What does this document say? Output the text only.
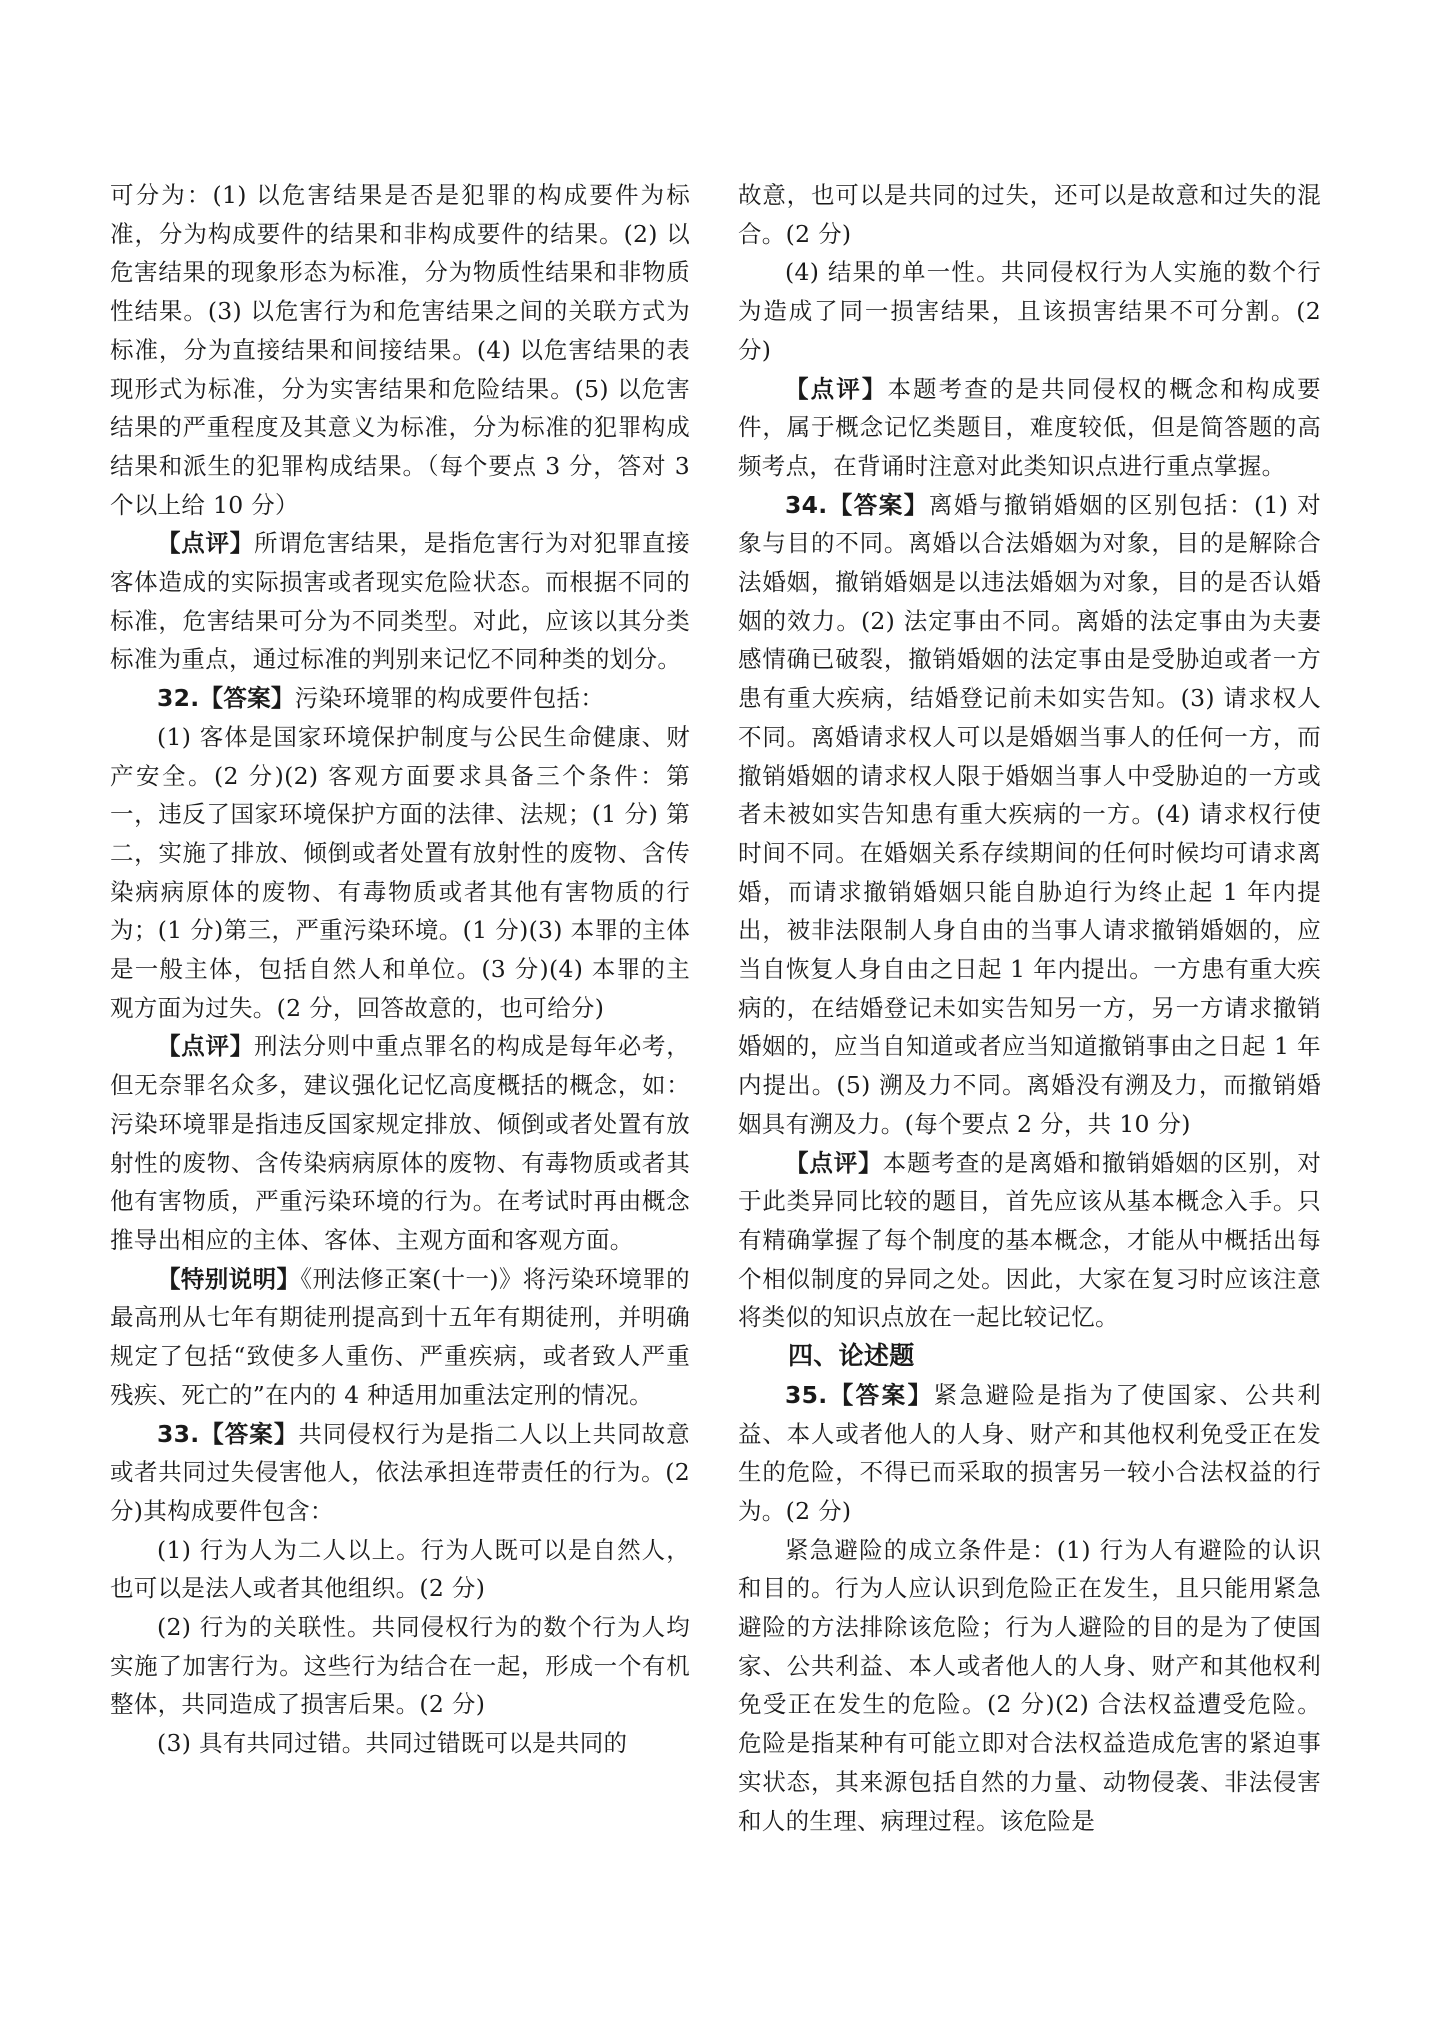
可分为：(1) 以危害结果是否是犯罪的构成要件为标准，分为构成要件的结果和非构成要件的结果。(2) 以危害结果的现象形态为标准，分为物质性结果和非物质性结果。(3) 以危害行为和危害结果之间的关联方式为标准，分为直接结果和间接结果。(4) 以危害结果的表现形式为标准，分为实害结果和危险结果。(5) 以危害结果的严重程度及其意义为标准，分为标准的犯罪构成结果和派生的犯罪构成结果。（每个要点 3 分，答对 3 个以上给 10 分）

【点评】所谓危害结果，是指危害行为对犯罪直接客体造成的实际损害或者现实危险状态。而根据不同的标准，危害结果可分为不同类型。对此，应该以其分类标准为重点，通过标准的判别来记忆不同种类的划分。

32.【答案】污染环境罪的构成要件包括：

(1) 客体是国家环境保护制度与公民生命健康、财产安全。(2 分)(2) 客观方面要求具备三个条件：第一，违反了国家环境保护方面的法律、法规；(1 分) 第二，实施了排放、倾倒或者处置有放射性的废物、含传染病病原体的废物、有毒物质或者其他有害物质的行为；(1 分)第三，严重污染环境。(1 分)(3) 本罪的主体是一般主体，包括自然人和单位。(3 分)(4) 本罪的主观方面为过失。(2 分，回答故意的，也可给分)

【点评】刑法分则中重点罪名的构成是每年必考，但无奈罪名众多，建议强化记忆高度概括的概念，如：污染环境罪是指违反国家规定排放、倾倒或者处置有放射性的废物、含传染病病原体的废物、有毒物质或者其他有害物质，严重污染环境的行为。在考试时再由概念推导出相应的主体、客体、主观方面和客观方面。

【特别说明】《刑法修正案(十一)》将污染环境罪的最高刑从七年有期徒刑提高到十五年有期徒刑，并明确规定了包括“致使多人重伤、严重疾病，或者致人严重残疾、死亡的”在内的 4 种适用加重法定刑的情况。

33.【答案】共同侵权行为是指二人以上共同故意或者共同过失侵害他人，依法承担连带责任的行为。(2 分)其构成要件包含：

(1) 行为人为二人以上。行为人既可以是自然人，也可以是法人或者其他组织。(2 分)

(2) 行为的关联性。共同侵权行为的数个行为人均实施了加害行为。这些行为结合在一起，形成一个有机整体，共同造成了损害后果。(2 分)

(3) 具有共同过错。共同过错既可以是共同的

故意，也可以是共同的过失，还可以是故意和过失的混合。(2 分)

(4) 结果的单一性。共同侵权行为人实施的数个行为造成了同一损害结果，且该损害结果不可分割。(2 分)

【点评】本题考查的是共同侵权的概念和构成要件，属于概念记忆类题目，难度较低，但是简答题的高频考点，在背诵时注意对此类知识点进行重点掌握。

34.【答案】离婚与撤销婚姻的区别包括：(1) 对象与目的不同。离婚以合法婚姻为对象，目的是解除合法婚姻，撤销婚姻是以违法婚姻为对象，目的是否认婚姻的效力。(2) 法定事由不同。离婚的法定事由为夫妻感情确已破裂，撤销婚姻的法定事由是受胁迫或者一方患有重大疾病，结婚登记前未如实告知。(3) 请求权人不同。离婚请求权人可以是婚姻当事人的任何一方，而撤销婚姻的请求权人限于婚姻当事人中受胁迫的一方或者未被如实告知患有重大疾病的一方。(4) 请求权行使时间不同。在婚姻关系存续期间的任何时候均可请求离婚，而请求撤销婚姻只能自胁迫行为终止起 1 年内提出，被非法限制人身自由的当事人请求撤销婚姻的，应当自恢复人身自由之日起 1 年内提出。一方患有重大疾病的，在结婚登记未如实告知另一方，另一方请求撤销婚姻的，应当自知道或者应当知道撤销事由之日起 1 年内提出。(5) 溯及力不同。离婚没有溯及力，而撤销婚姻具有溯及力。(每个要点 2 分，共 10 分)

【点评】本题考查的是离婚和撤销婚姻的区别，对于此类异同比较的题目，首先应该从基本概念入手。只有精确掌握了每个制度的基本概念，才能从中概括出每个相似制度的异同之处。因此，大家在复习时应该注意将类似的知识点放在一起比较记忆。

四、论述题

35.【答案】紧急避险是指为了使国家、公共利益、本人或者他人的人身、财产和其他权利免受正在发生的危险，不得已而采取的损害另一较小合法权益的行为。(2 分)

紧急避险的成立条件是：(1) 行为人有避险的认识和目的。行为人应认识到危险正在发生，且只能用紧急避险的方法排除该危险；行为人避险的目的是为了使国家、公共利益、本人或者他人的人身、财产和其他权利免受正在发生的危险。(2 分)(2) 合法权益遭受危险。危险是指某种有可能立即对合法权益造成危害的紧迫事实状态，其来源包括自然的力量、动物侵袭、非法侵害和人的生理、病理过程。该危险是
